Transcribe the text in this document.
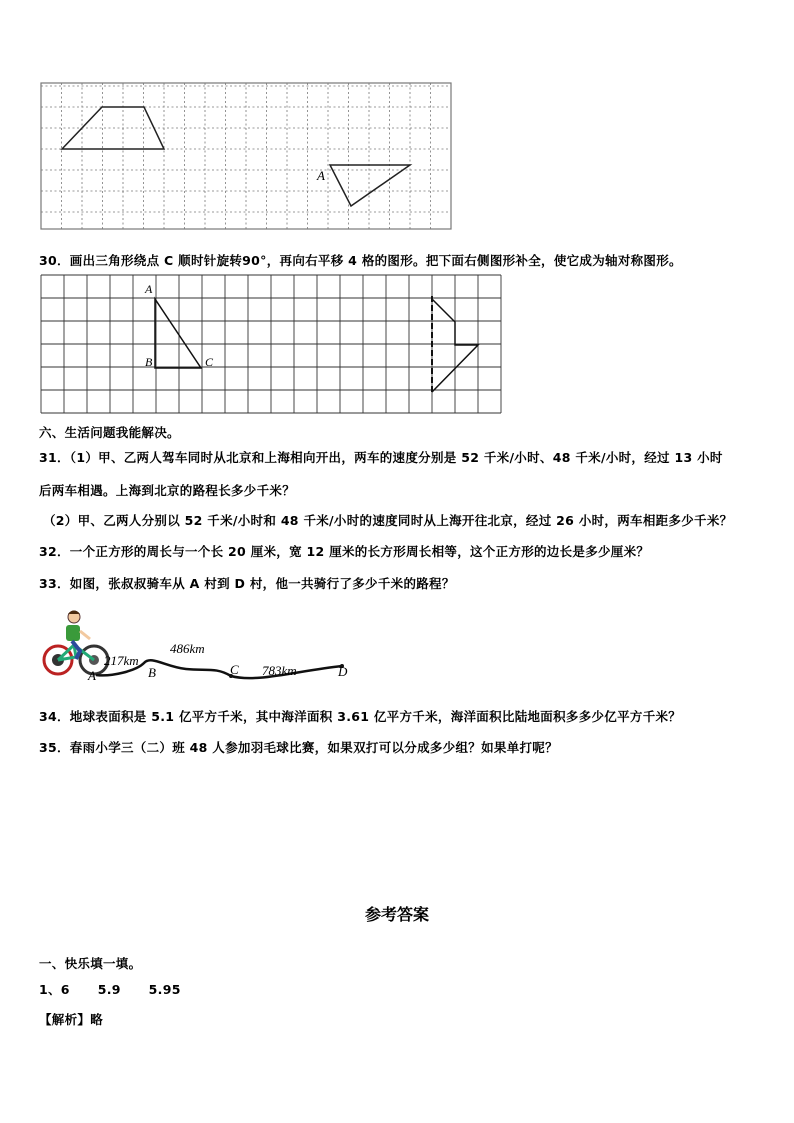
A
30．画出三角形绕点 C 顺时针旋转90°，再向右平移 4 格的图形。把下面右侧图形补全，使它成为轴对称图形。
A
B	C
六、生活问题我能解决。
31．（1）甲、乙两人驾车同时从北京和上海相向开出，两车的速度分别是 52 千米/小时、48 千米/小时，经过 13 小时
后两车相遇。上海到北京的路程长多少千米？
（2）甲、乙两人分别以 52 千米/小时和 48 千米/小时的速度同时从上海开往北京，经过 26 小时，两车相距多少千米？
32．一个正方形的周长与一个长 20 厘米，宽 12 厘米的长方形周长相等，这个正方形的边长是多少厘米？
33．如图，张叔叔骑车从 A 村到 D 村，他一共骑行了多少千米的路程？
A	B	C	D
217km
486km
783km
34．地球表面积是 5.1 亿平方千米，其中海洋面积 3.61 亿平方千米，海洋面积比陆地面积多多少亿平方千米？
35．春雨小学三（二）班 48 人参加羽毛球比赛，如果双打可以分成多少组？如果单打呢？
参考答案
一、快乐填一填。
1、6      5.9      5.95
【解析】略
